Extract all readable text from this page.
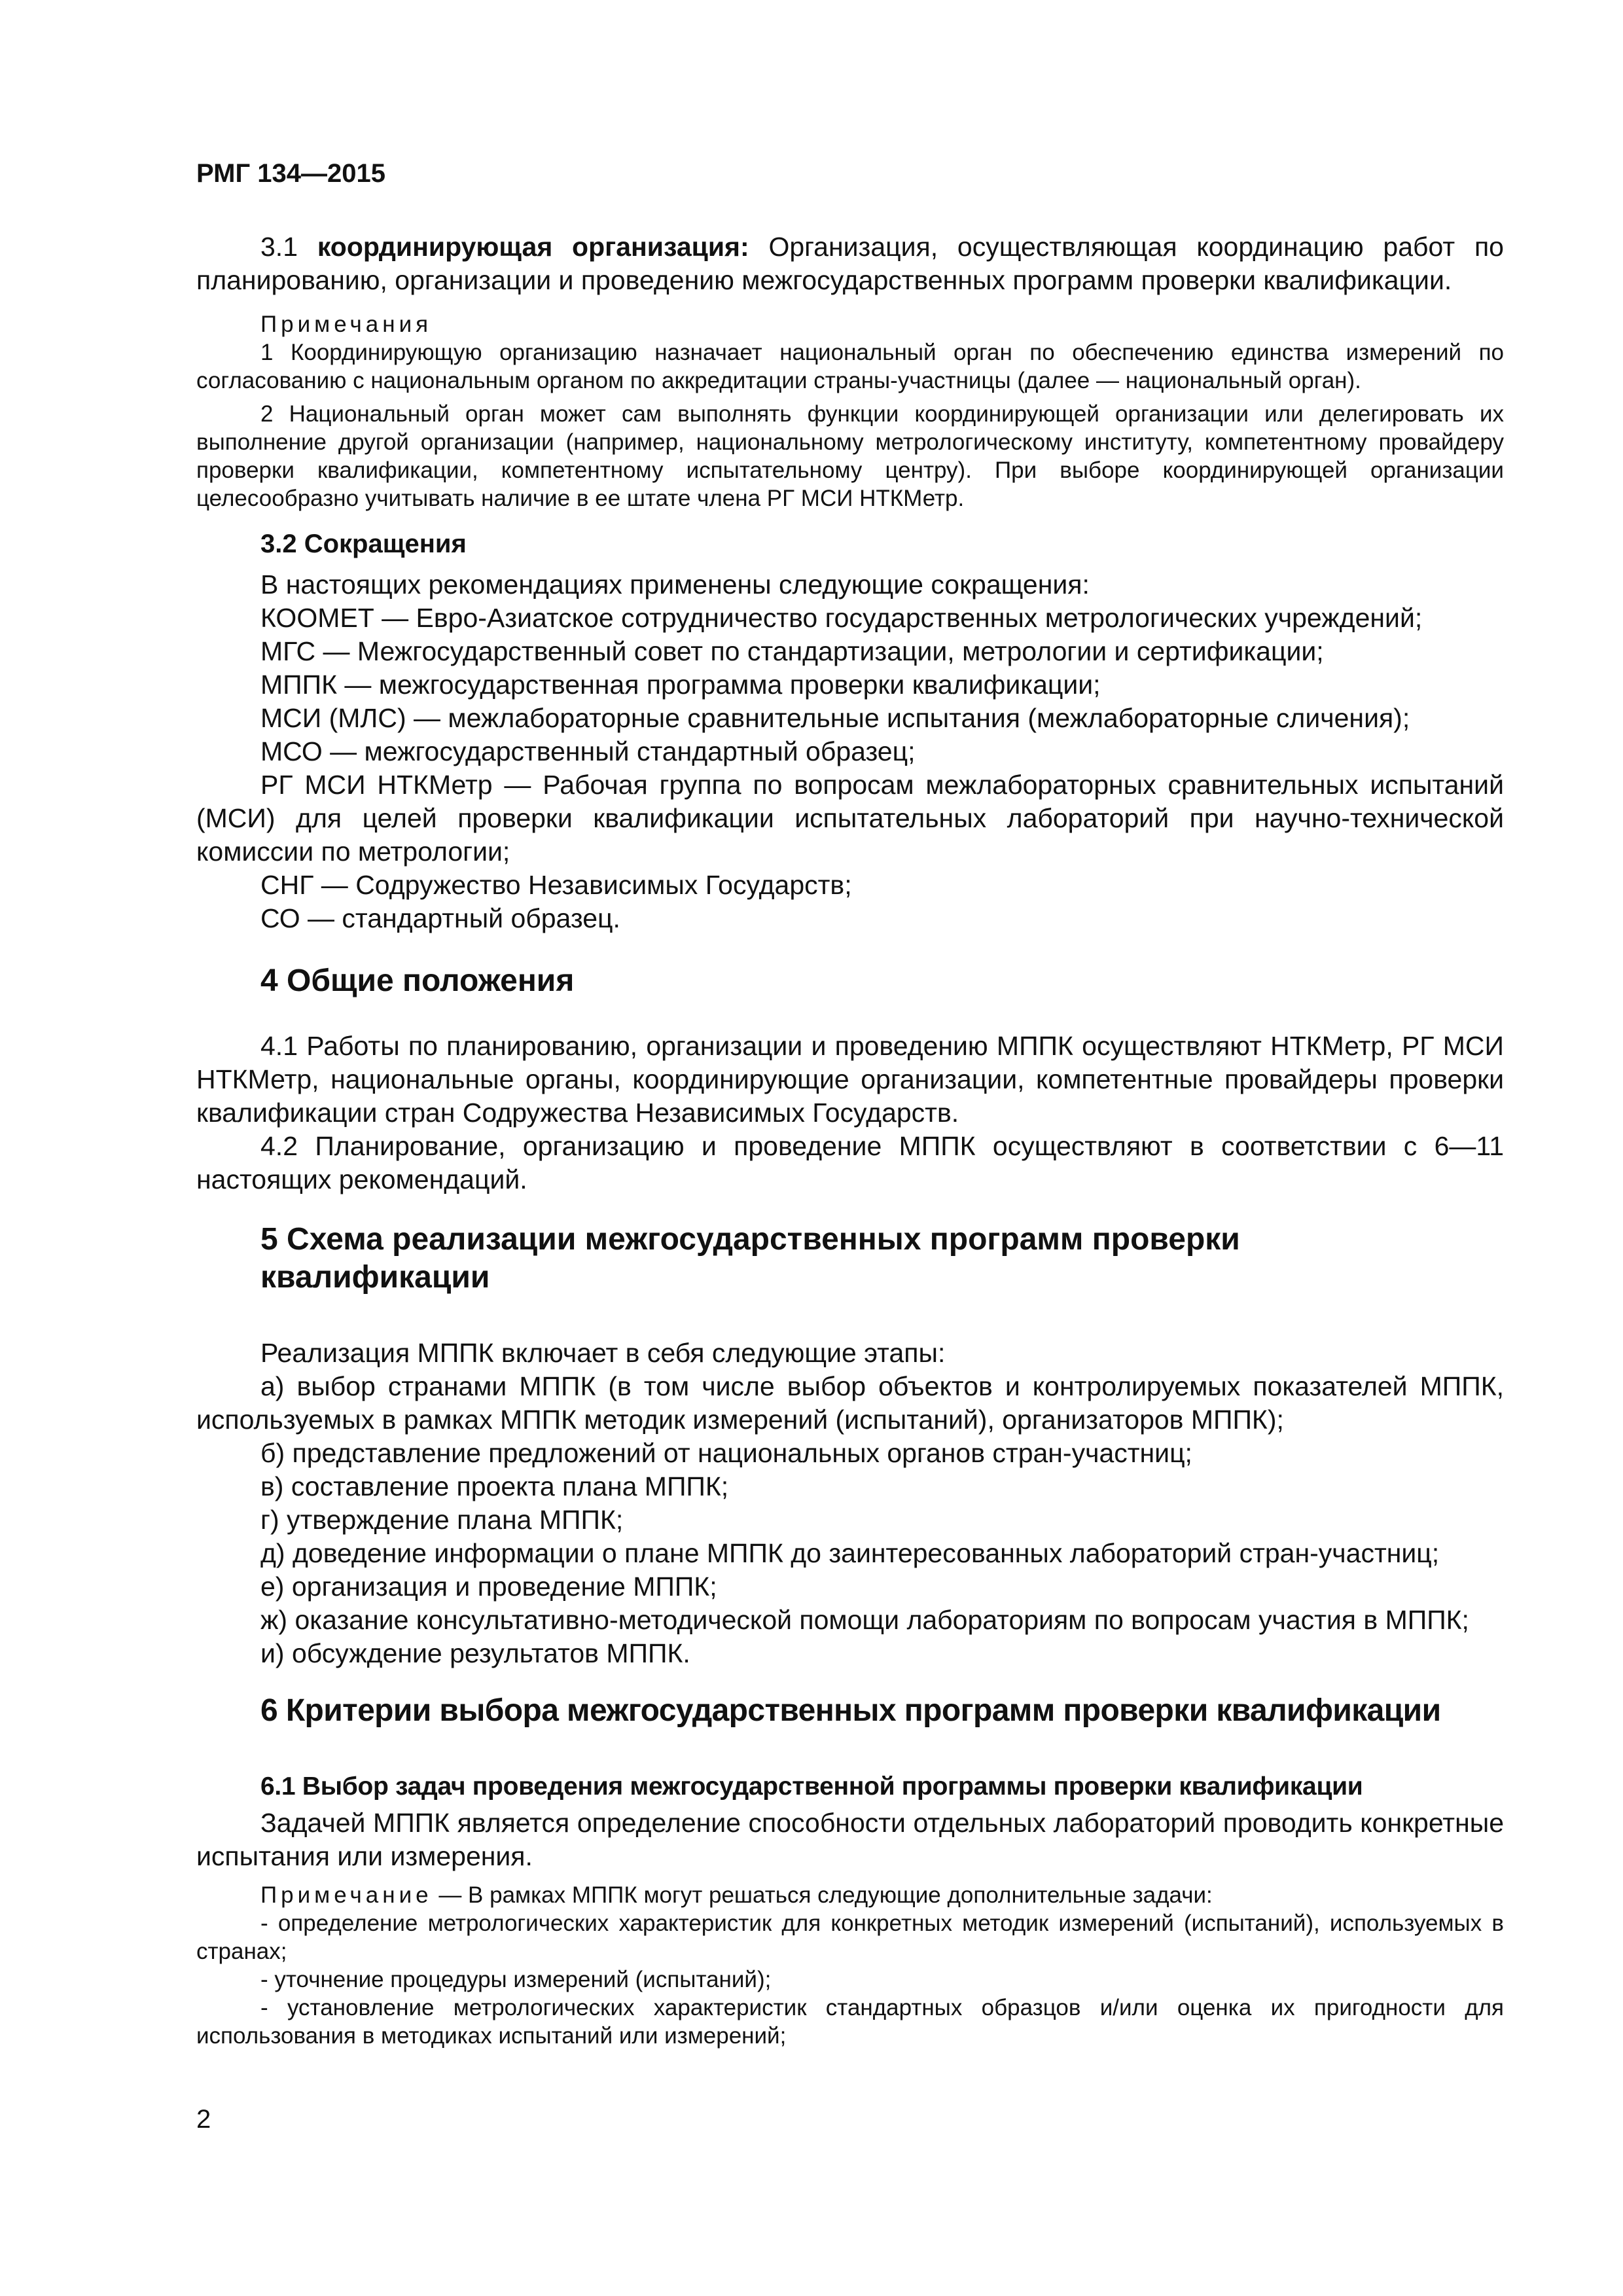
РМГ 134—2015
3.1 координирующая организация: Организация, осуществляющая координацию работ по планированию, организации и проведению межгосударственных программ проверки квалификации.
Примечания
1 Координирующую организацию назначает национальный орган по обеспечению единства измерений по согласованию с национальным органом по аккредитации страны-участницы (далее — национальный орган).
2 Национальный орган может сам выполнять функции координирующей организации или делегировать их выполнение другой организации (например, национальному метрологическому институту, компетентному провайдеру проверки квалификации, компетентному испытательному центру). При выборе координирующей организации целесообразно учитывать наличие в ее штате члена РГ МСИ НТКМетр.
3.2 Сокращения
В настоящих рекомендациях применены следующие сокращения:
КООМЕТ — Евро-Азиатское сотрудничество государственных метрологических учреждений;
МГС — Межгосударственный совет по стандартизации, метрологии и сертификации;
МППК — межгосударственная программа проверки квалификации;
МСИ (МЛС) — межлабораторные сравнительные испытания (межлабораторные сличения);
МСО — межгосударственный стандартный образец;
РГ МСИ НТКМетр — Рабочая группа по вопросам межлабораторных сравнительных испытаний (МСИ) для целей проверки квалификации испытательных лабораторий при научно-технической комиссии по метрологии;
СНГ — Содружество Независимых Государств;
СО — стандартный образец.
4 Общие положения
4.1 Работы по планированию, организации и проведению МППК осуществляют НТКМетр, РГ МСИ НТКМетр, национальные органы, координирующие организации, компетентные провайдеры проверки квалификации стран Содружества Независимых Государств.
4.2 Планирование, организацию и проведение МППК осуществляют в соответствии с 6—11 настоящих рекомендаций.
5 Схема реализации межгосударственных программ проверки
квалификации
Реализация МППК включает в себя следующие этапы:
а) выбор странами МППК (в том числе выбор объектов и контролируемых показателей МППК, используемых в рамках МППК методик измерений (испытаний), организаторов МППК);
б) представление предложений от национальных органов стран-участниц;
в) составление проекта плана МППК;
г) утверждение плана МППК;
д) доведение информации о плане МППК до заинтересованных лабораторий стран-участниц;
е) организация и проведение МППК;
ж) оказание консультативно-методической помощи лабораториям по вопросам участия в МППК;
и) обсуждение результатов МППК.
6 Критерии выбора межгосударственных программ проверки квалификации
6.1 Выбор задач проведения межгосударственной программы проверки квалификации
Задачей МППК является определение способности отдельных лабораторий проводить конкретные испытания или измерения.
Примечание — В рамках МППК могут решаться следующие дополнительные задачи:
- определение метрологических характеристик для конкретных методик измерений (испытаний), используемых в странах;
- уточнение процедуры измерений (испытаний);
- установление метрологических характеристик стандартных образцов и/или оценка их пригодности для использования в методиках испытаний или измерений;
2
